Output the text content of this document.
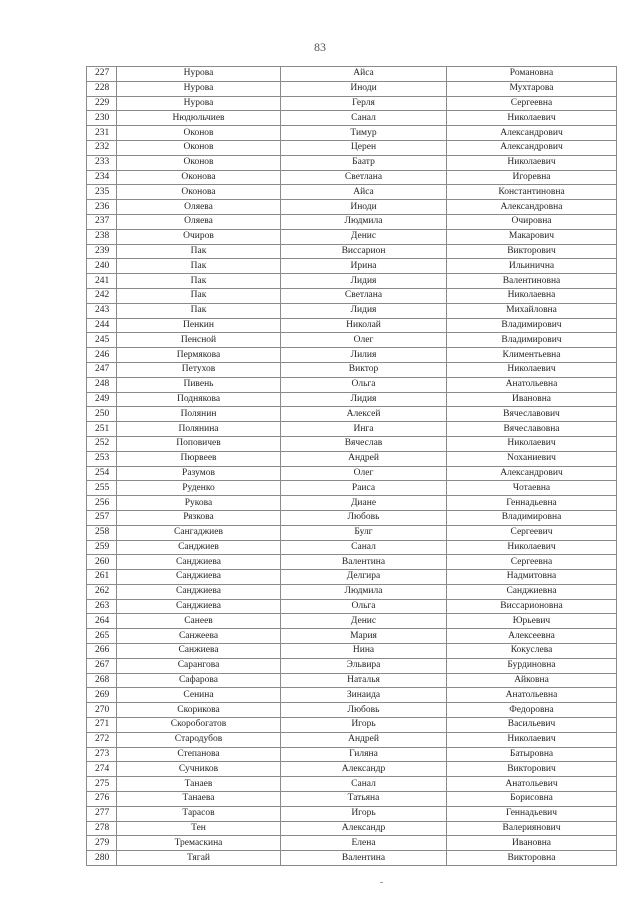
83
227	Нурова	Айса	Романовна
228	Нурова	Иноди	Мухтарова
229	Нурова	Герля	Сергеевна
230	Нюдюльчиев	Санал	Николаевич
231	Оконов	Тимур	Александрович
232	Оконов	Церен	Александрович
233	Оконов	Баатр	Николаевич
234	Оконова	Светлана	Игоревна
235	Оконова	Айса	Константиновна
236	Оляева	Иноди	Александровна
237	Оляева	Людмила	Очировна
238	Очиров	Денис	Макарович
239	Пак	Виссарион	Викторович
240	Пак	Ирина	Ильинична
241	Пак	Лидия	Валентиновна
242	Пак	Светлана	Николаевна
243	Пак	Лидия	Михайловна
244	Пенкин	Николай	Владимирович
245	Пенсной	Олег	Владимирович
246	Пермякова	Лилия	Климентьевна
247	Петухов	Виктор	Николаевич
248	Пивень	Ольга	Анатольевна
249	Поднякова	Лидия	Ивановна
250	Полянин	Алексей	Вячеславович
251	Полянина	Инга	Вячеславовна
252	Поповичев	Вячеслав	Николаевич
253	Пюрвеев	Андрей	Nоханиевич
254	Разумов	Олег	Александрович
255	Руденко	Раиса	Чотаевна
256	Рукова	Диане	Геннадьевна
257	Рязкова	Любовь	Владимировна
258	Сангаджиев	Булг	Сергеевич
259	Санджиев	Санал	Николаевич
260	Санджиева	Валентина	Сергеевна
261	Санджиева	Делгира	Надмитовна
262	Санджиева	Людмила	Санджиевна
263	Санджиева	Ольга	Виссарионовна
264	Санеев	Денис	Юрьевич
265	Санжеева	Мария	Алексеевна
266	Санжиева	Нина	Кокуслева
267	Сарангова	Эльвира	Бурдиновна
268	Сафарова	Наталья	Айковна
269	Сенина	Зинаида	Анатольевна
270	Скорикова	Любовь	Федоровна
271	Скоробогатов	Игорь	Васильевич
272	Стародубов	Андрей	Николаевич
273	Степанова	Гиляна	Батыровна
274	Сучников	Александр	Викторович
275	Танаев	Санал	Анатольевич
276	Танаева	Татьяна	Борисовна
277	Тарасов	Игорь	Геннадьевич
278	Тен	Александр	Валериянович
279	Тремаскина	Елена	Ивановна
280	Тягай	Валентина	Викторовна
